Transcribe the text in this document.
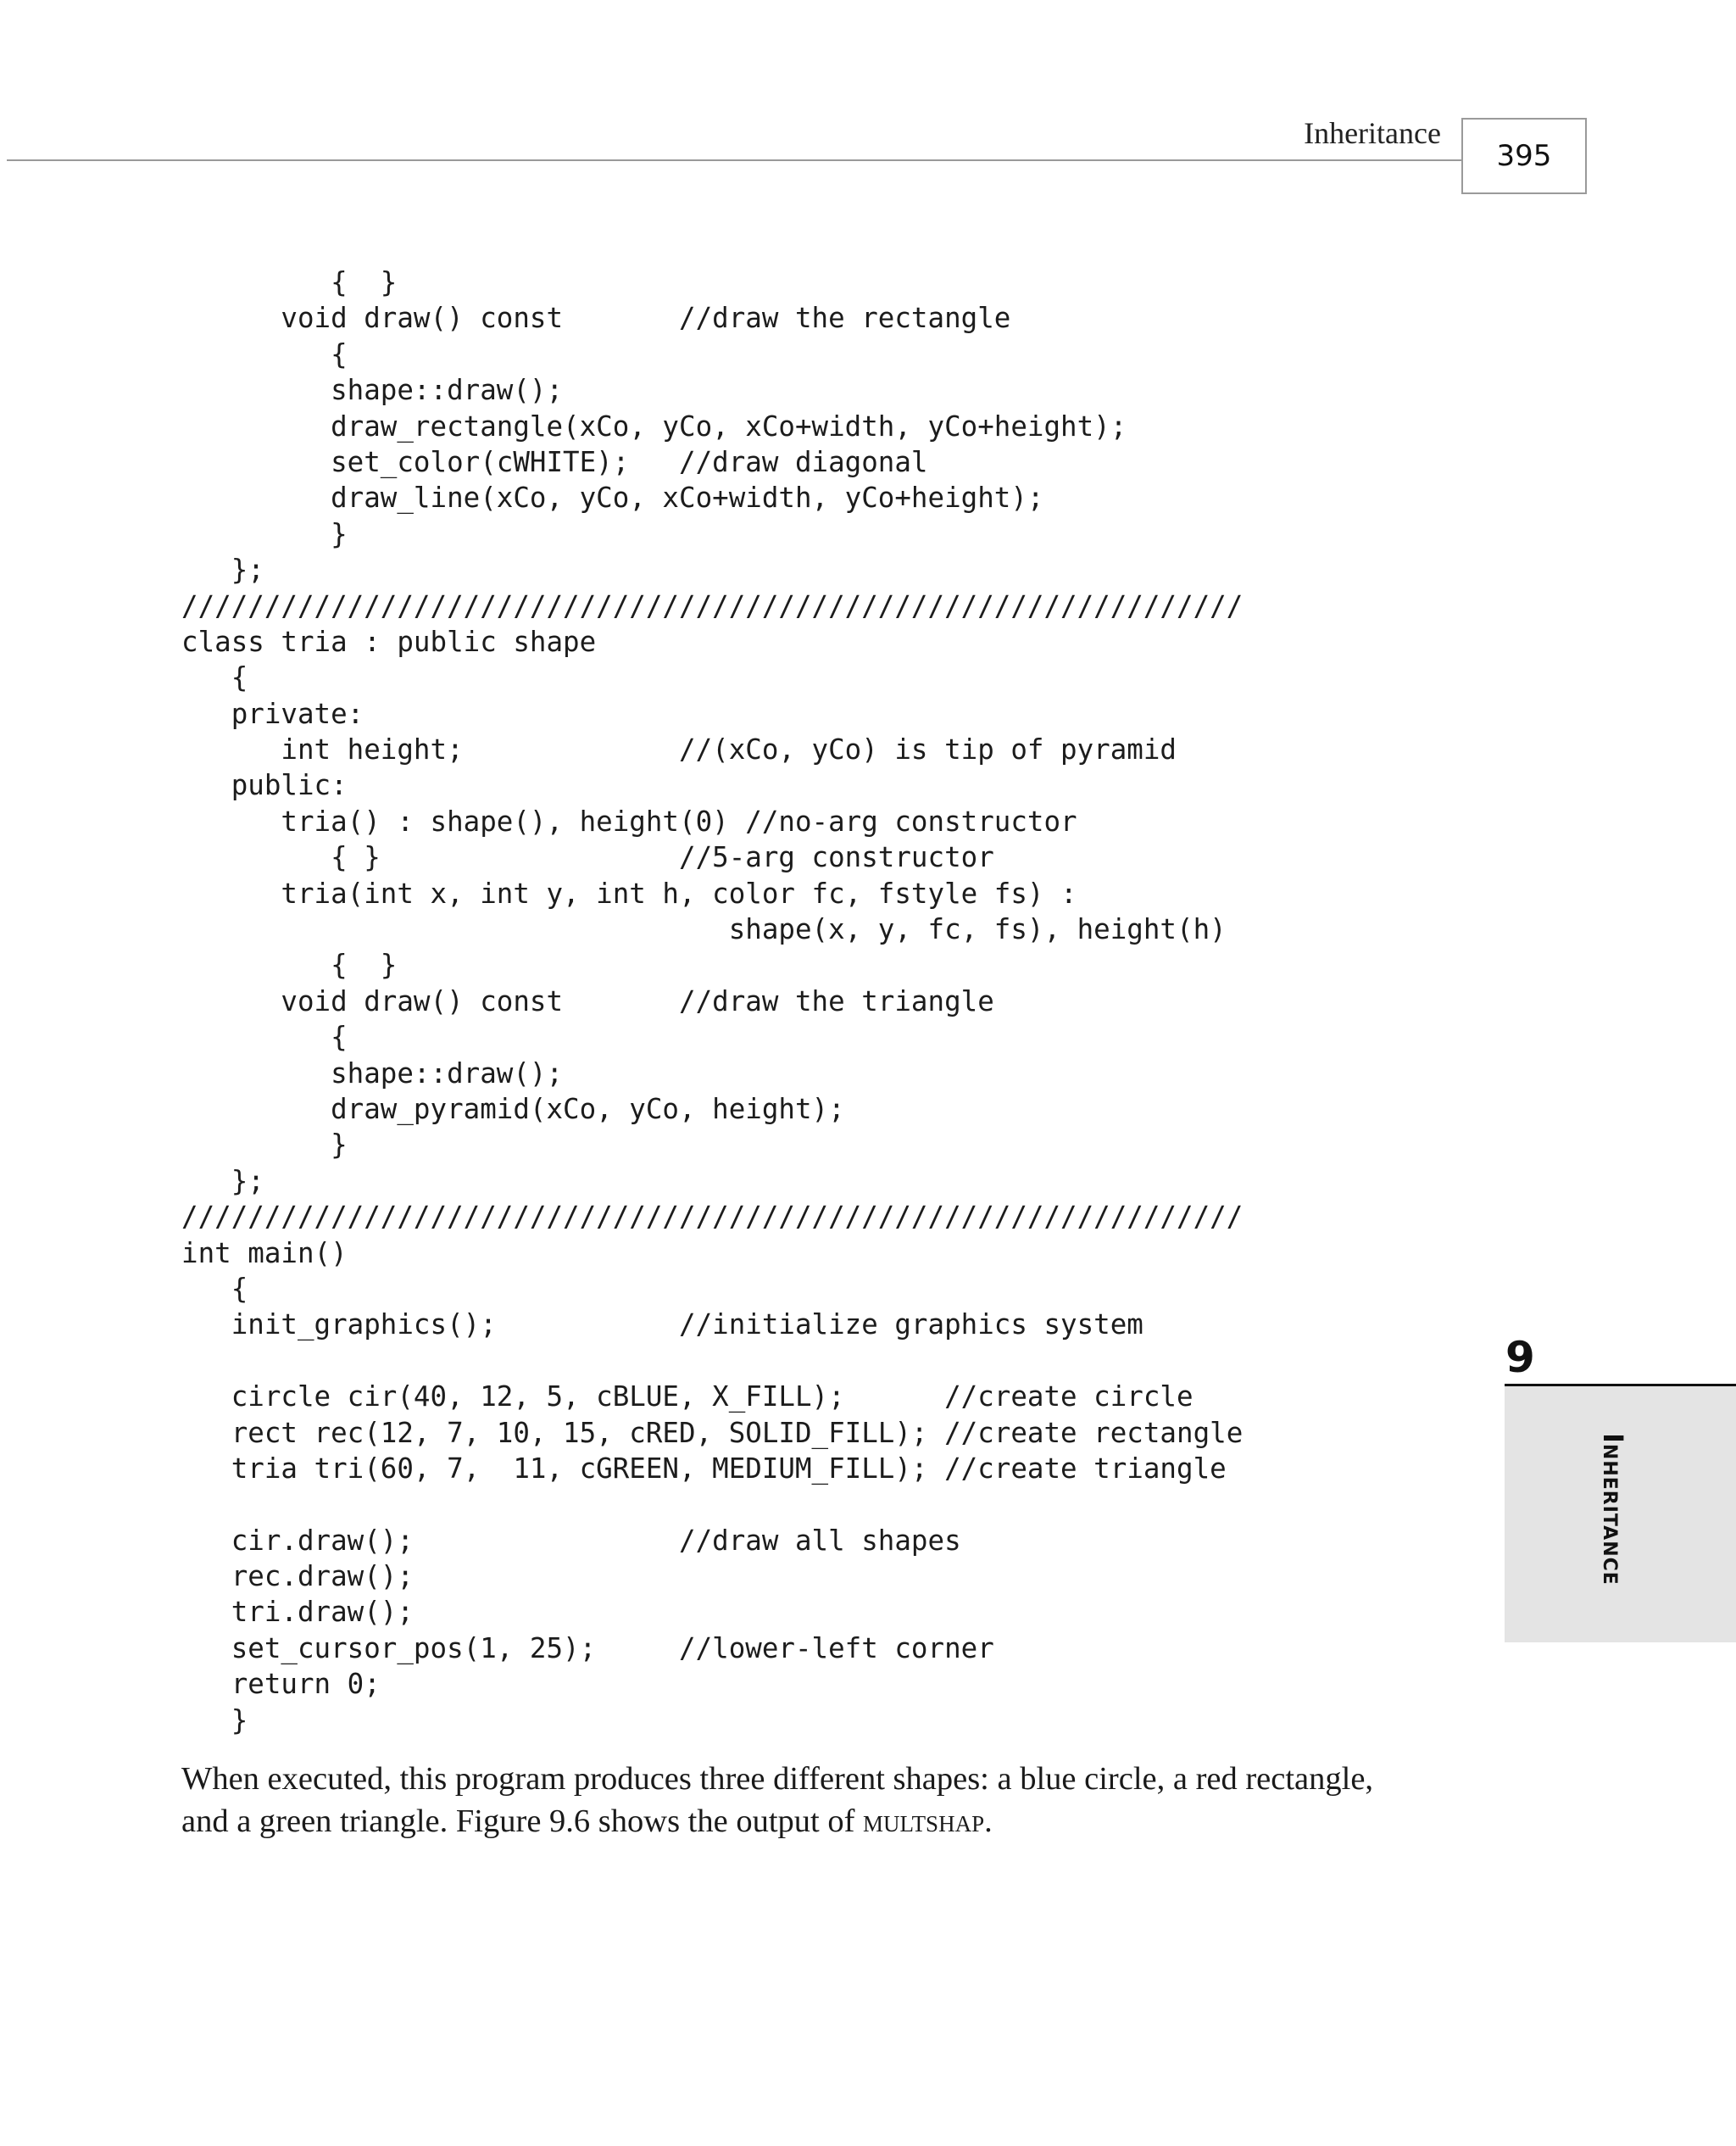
Inheritance
395
{  }
void draw() const       //draw the rectangle
{
shape::draw();
draw_rectangle(xCo, yCo, xCo+width, yCo+height);
set_color(cWHITE);   //draw diagonal
draw_line(xCo, yCo, xCo+width, yCo+height);
}
};
////////////////////////////////////////////////////////////////
class tria : public shape
{
private:
int height;             //(xCo, yCo) is tip of pyramid
public:
tria() : shape(), height(0) //no-arg constructor
{ }                  //5-arg constructor
tria(int x, int y, int h, color fc, fstyle fs) :
shape(x, y, fc, fs), height(h)
{  }
void draw() const       //draw the triangle
{
shape::draw();
draw_pyramid(xCo, yCo, height);
}
};
////////////////////////////////////////////////////////////////
int main()
{
init_graphics();           //initialize graphics system
circle cir(40, 12, 5, cBLUE, X_FILL);      //create circle
rect rec(12, 7, 10, 15, cRED, SOLID_FILL); //create rectangle
tria tri(60, 7,  11, cGREEN, MEDIUM_FILL); //create triangle
cir.draw();                //draw all shapes
rec.draw();
tri.draw();
set_cursor_pos(1, 25);     //lower-left corner
return 0;
}

When executed, this program produces three different shapes: a blue circle, a red rectangle, and a green triangle. Figure 9.6 shows the output of multshap.

9
Inheritance
